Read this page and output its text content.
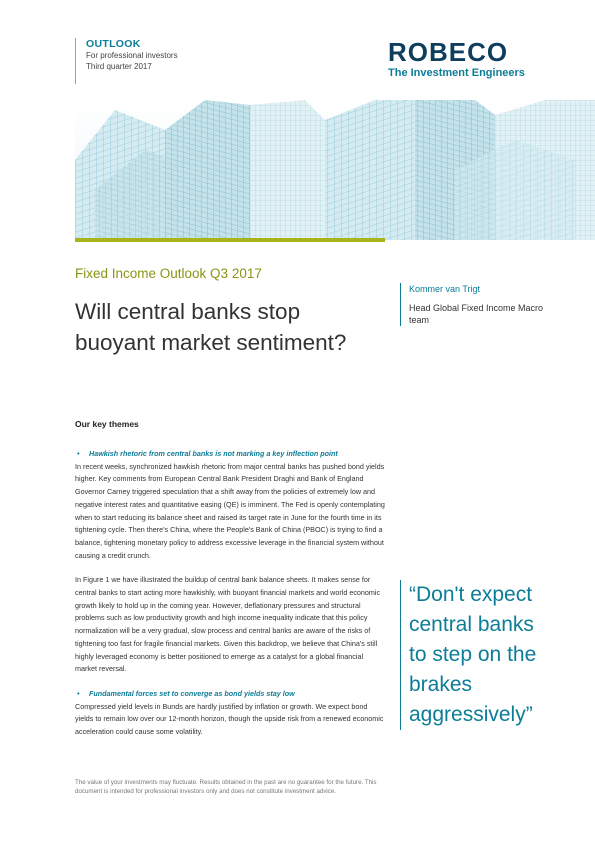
OUTLOOK
For professional investors
Third quarter 2017	ROBECO
The Investment Engineers
Fixed Income Outlook Q3 2017
Will central banks stop buoyant market sentiment?
Kommer van Trigt
Head Global Fixed Income Macro team
Our key themes
• Hawkish rhetoric from central banks is not marking a key inflection point

In recent weeks, synchronized hawkish rhetoric from major central banks has pushed bond yields higher. Key comments from European Central Bank President Draghi and Bank of England Governor Carney triggered speculation that a shift away from the policies of extremely low and negative interest rates and quantitative easing (QE) is imminent. The Fed is openly contemplating when to start reducing its balance sheet and raised its target rate in June for the fourth time in its tightening cycle. Then there's China, where the People's Bank of China (PBOC) is trying to find a balance, tightening monetary policy to address excessive leverage in the financial system without causing a credit crunch.

In Figure 1 we have illustrated the buildup of central bank balance sheets. It makes sense for central banks to start acting more hawkishly, with buoyant financial markets and world economic growth likely to hold up in the coming year. However, deflationary pressures and structural problems such as low productivity growth and high income inequality indicate that this policy normalization will be a very gradual, slow process and central banks are aware of the risks of tightening too fast for fragile financial markets. Given this backdrop, we believe that China's still highly leveraged economy is better positioned to emerge as a catalyst for a global financial market reversal.

• Fundamental forces set to converge as bond yields stay low

Compressed yield levels in Bunds are hardly justified by inflation or growth. We expect bond yields to remain low over our 12-month horizon, though the upside risk from a renewed economic acceleration could cause some volatility.

“Don't expect central banks to step on the brakes aggressively”
The value of your investments may fluctuate. Results obtained in the past are no guarantee for the future. This document is intended for professional investors only and does not constitute investment advice.
